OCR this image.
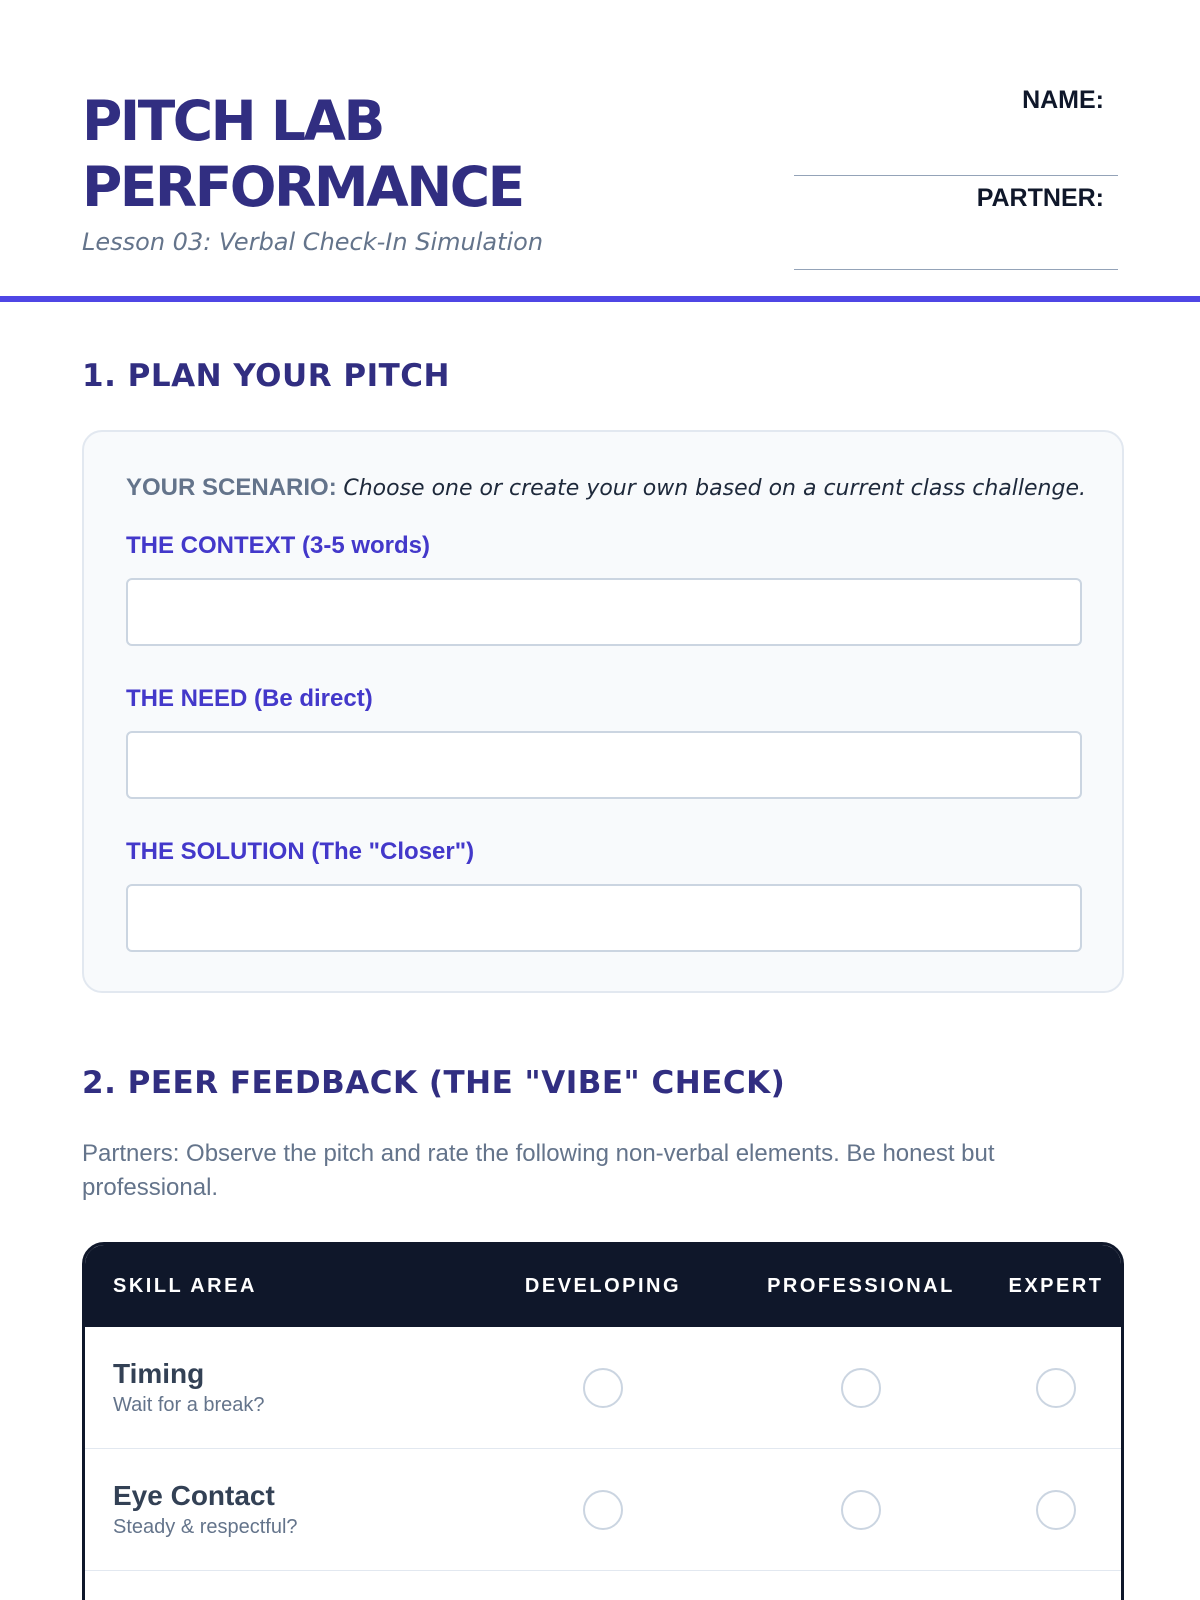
PITCH LAB
PERFORMANCE
Lesson 03: Verbal Check-In Simulation
NAME:
PARTNER:
1. PLAN YOUR PITCH
YOUR SCENARIO: Choose one or create your own based on a current class challenge.
THE CONTEXT (3-5 words)
THE NEED (Be direct)
THE SOLUTION (The "Closer")
2. PEER FEEDBACK (THE "VIBE" CHECK)

Partners: Observe the pitch and rate the following non-verbal elements. Be honest but professional.

SKILL AREA	DEVELOPING	PROFESSIONAL	EXPERT
Timing
Wait for a break?
Eye Contact
Steady & respectful?
